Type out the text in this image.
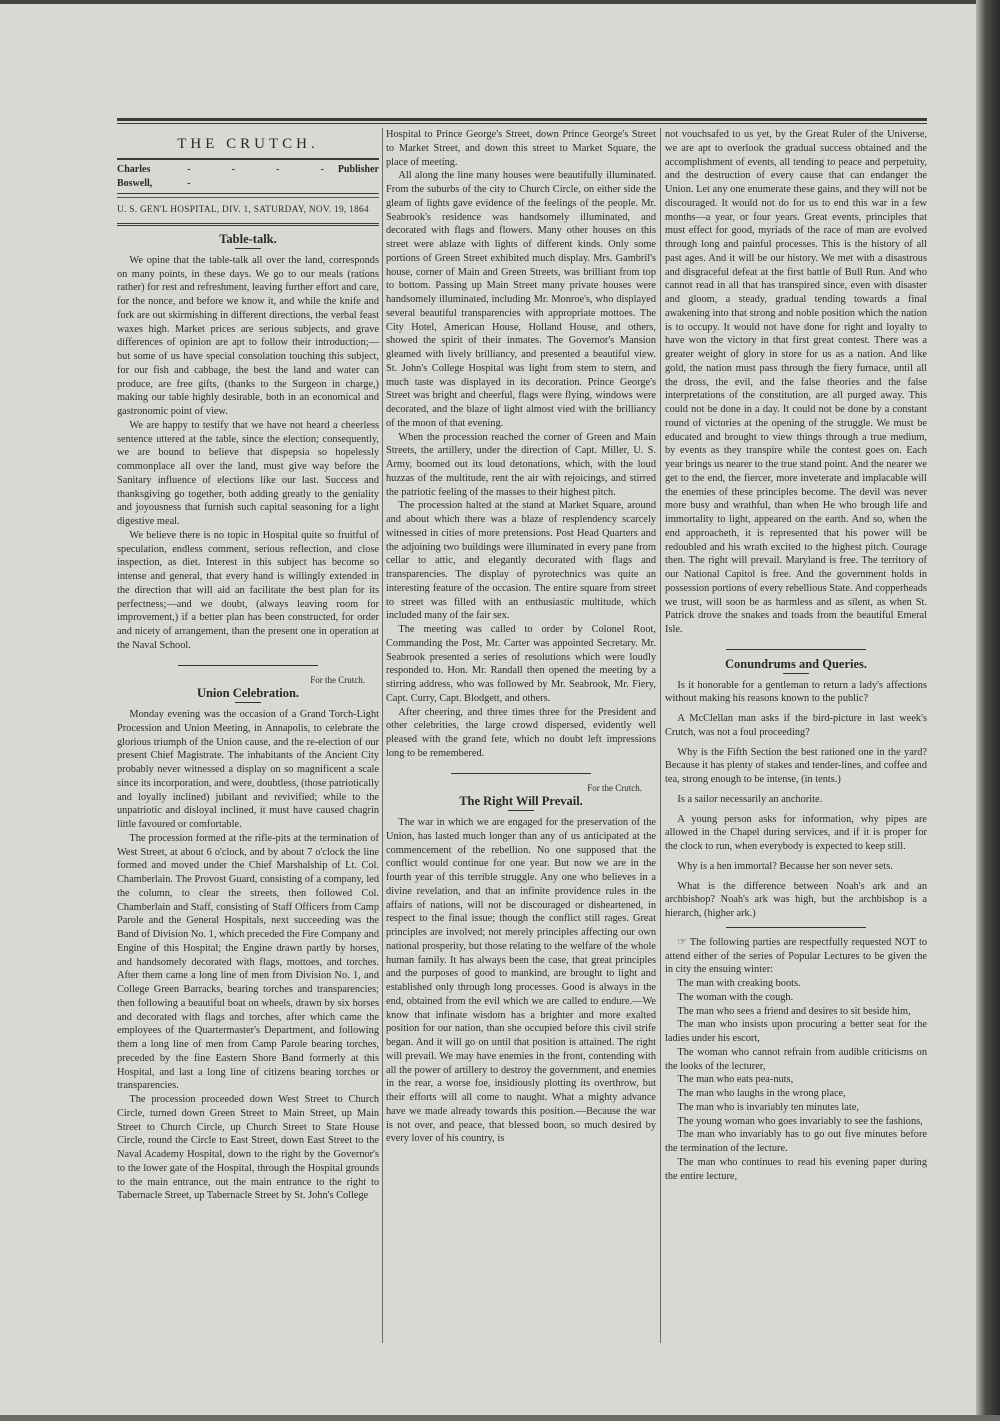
THE CRUTCH.
Charles Boswell,
- - - - -
Publisher
U. S. GEN'L HOSPITAL, DIV. 1, SATURDAY, NOV. 19, 1864
Table-talk.

We opine that the table-talk all over the land, corresponds on many points, in these days. We go to our meals (rations rather) for rest and refreshment, leaving further effort and care, for the nonce, and before we know it, and while the knife and fork are out skirmishing in different directions, the verbal feast waxes high. Market prices are serious subjects, and grave differences of opinion are apt to follow their introduction;—but some of us have special consolation touching this subject, for our fish and cabbage, the best the land and water can produce, are free gifts, (thanks to the Surgeon in charge,) making our table highly desirable, both in an economical and gastronomic point of view.

We are happy to testify that we have not heard a cheerless sentence uttered at the table, since the election; consequently, we are bound to believe that dispepsia so hopelessly commonplace all over the land, must give way before the Sanitary influence of elections like our last. Success and thanksgiving go together, both adding greatly to the geniality and joyousness that furnish such capital seasoning for a light digestive meal.

We believe there is no topic in Hospital quite so fruitful of speculation, endless comment, serious reflection, and close inspection, as diet. Interest in this subject has become so intense and general, that every hand is willingly extended in the direction that will aid an facilitate the best plan for its perfectness;—and we doubt, (always leaving room for improvement,) if a better plan has been constructed, for order and nicety of arrangement, than the present one in operation at the Naval School.

For the Crutch.
Union Celebration.

Monday evening was the occasion of a Grand Torch-Light Procession and Union Meeting, in Annapolis, to celebrate the glorious triumph of the Union cause, and the re-election of our present Chief Magistrate. The inhabitants of the Ancient City probably never witnessed a display on so magnificent a scale since its incorporation, and were, doubtless, (those patriotically and loyally inclined) jubilant and revivified; while to the unpatriotic and disloyal inclined, it must have caused chagrin little favoured or comfortable.

The procession formed at the rifle-pits at the termination of West Street, at about 6 o'clock, and by about 7 o'clock the line formed and moved under the Chief Marshalship of Lt. Col. Chamberlain. The Provost Guard, consisting of a company, led the column, to clear the streets, then followed Col. Chamberlain and Staff, consisting of Staff Officers from Camp Parole and the General Hospitals, next succeeding was the Band of Division No. 1, which preceded the Fire Company and Engine of this Hospital; the Engine drawn partly by horses, and handsomely decorated with flags, mottoes, and torches. After them came a long line of men from Division No. 1, and College Green Barracks, bearing torches and transparencies; then following a beautiful boat on wheels, drawn by six horses and decorated with flags and torches, after which came the employees of the Quartermaster's Department, and following them a long line of men from Camp Parole bearing torches, preceded by the fine Eastern Shore Band formerly at this Hospital, and last a long line of citizens bearing torches or transparencies.

The procession proceeded down West Street to Church Circle, turned down Green Street to Main Street, up Main Street to Church Circle, up Church Street to State House Circle, round the Circle to East Street, down East Street to the Naval Academy Hospital, down to the right by the Governor's to the lower gate of the Hospital, through the Hospital grounds to the main entrance, out the main entrance to the right to Tabernacle Street, up Tabernacle Street by St. John's College

Hospital to Prince George's Street, down Prince George's Street to Market Street, and down this street to Market Square, the place of meeting.

All along the line many houses were beautifully illuminated. From the suburbs of the city to Church Circle, on either side the gleam of lights gave evidence of the feelings of the people. Mr. Seabrook's residence was handsomely illuminated, and decorated with flags and flowers. Many other houses on this street were ablaze with lights of different kinds. Only some portions of Green Street exhibited much display. Mrs. Gambril's house, corner of Main and Green Streets, was brilliant from top to bottom. Passing up Main Street many private houses were handsomely illuminated, including Mr. Monroe's, who displayed several beautiful transparencies with appropriate mottoes. The City Hotel, American House, Holland House, and others, showed the spirit of their inmates. The Governor's Mansion gleamed with lively brilliancy, and presented a beautiful view. St. John's College Hospital was light from stem to stern, and much taste was displayed in its decoration. Prince George's Street was bright and cheerful, flags were flying, windows were decorated, and the blaze of light almost vied with the brilliancy of the moon of that evening.

When the procession reached the corner of Green and Main Streets, the artillery, under the direction of Capt. Miller, U. S. Army, boomed out its loud detonations, which, with the loud huzzas of the multitude, rent the air with rejoicings, and stirred the patriotic feeling of the masses to their highest pitch.

The procession halted at the stand at Market Square, around and about which there was a blaze of resplendency scarcely witnessed in cities of more pretensions. Post Head Quarters and the adjoining two buildings were illuminated in every pane from cellar to attic, and elegantly decorated with flags and transparencies. The display of pyrotechnics was quite an interesting feature of the occasion. The entire square from street to street was filled with an enthusiastic multitude, which included many of the fair sex.

The meeting was called to order by Colonel Root, Commanding the Post, Mr. Carter was appointed Secretary. Mr. Seabrook presented a series of resolutions which were loudly responded to. Hon. Mr. Randall then opened the meeting by a stirring address, who was followed by Mr. Seabrook, Mr. Fiery, Capt. Curry, Capt. Blodgett, and others.

After cheering, and three times three for the President and other celebrities, the large crowd dispersed, evidently well pleased with the grand fete, which no doubt left impressions long to be remembered.

For the Crutch.
The Right Will Prevail.

The war in which we are engaged for the preservation of the Union, has lasted much longer than any of us anticipated at the commencement of the rebellion. No one supposed that the conflict would continue for one year. But now we are in the fourth year of this terrible struggle. Any one who believes in a divine revelation, and that an infinite providence rules in the affairs of nations, will not be discouraged or disheartened, in respect to the final issue; though the conflict still rages. Great principles are involved; not merely principles affecting our own national prosperity, but those relating to the welfare of the whole human family. It has always been the case, that great principles and the purposes of good to mankind, are brought to light and established only through long processes. Good is always in the end, obtained from the evil which we are called to endure.—We know that infinate wisdom has a brighter and more exalted position for our nation, than she occupied before this civil strife began. And it will go on until that position is attained. The right will prevail. We may have enemies in the front, contending with all the power of artillery to destroy the government, and enemies in the rear, a worse foe, insidiously plotting its overthrow, but their efforts will all come to naught. What a mighty advance have we made already towards this position.—Because the war is not over, and peace, that blessed boon, so much desired by every lover of his country, is

not vouchsafed to us yet, by the Great Ruler of the Universe, we are apt to overlook the gradual success obtained and the accomplishment of events, all tending to peace and perpetuity, and the destruction of every cause that can endanger the Union. Let any one enumerate these gains, and they will not be discouraged. It would not do for us to end this war in a few months—a year, or four years. Great events, principles that must effect for good, myriads of the race of man are evolved through long and painful processes. This is the history of all past ages. And it will be our history. We met with a disastrous and disgraceful defeat at the first battle of Bull Run. And who cannot read in all that has transpired since, even with disaster and gloom, a steady, gradual tending towards a final awakening into that strong and noble position which the nation is to occupy. It would not have done for right and loyalty to have won the victory in that first great contest. There was a greater weight of glory in store for us as a nation. And like gold, the nation must pass through the fiery furnace, until all the dross, the evil, and the false theories and the false interpretations of the constitution, are all purged away. This could not be done in a day. It could not be done by a constant round of victories at the opening of the struggle. We must be educated and brought to view things through a true medium, by events as they transpire while the contest goes on. Each year brings us nearer to the true stand point. And the nearer we get to the end, the fiercer, more inveterate and implacable will the enemies of these principles become. The devil was never more busy and wrathful, than when He who brough life and immortality to light, appeared on the earth. And so, when the end approacheth, it is represented that his power will be redoubled and his wrath excited to the highest pitch. Courage then. The right will prevail. Maryland is free. The territory of our National Capitol is free. And the government holds in possession portions of every rebellious State. And copperheads we trust, will soon be as harmless and as silent, as when St. Patrick drove the snakes and toads from the beautiful Emeral Isle.

Conundrums and Queries.

Is it honorable for a gentleman to return a lady's affections without making his reasons known to the public?

A McClellan man asks if the bird-picture in last week's Crutch, was not a foul proceeding?

Why is the Fifth Section the best rationed one in the yard? Because it has plenty of stakes and tender-lines, and coffee and tea, strong enough to be intense, (in tents.)

Is a sailor necessarily an anchorite.

A young person asks for information, why pipes are allowed in the Chapel during services, and if it is proper for the clock to run, when everybody is expected to keep still.

Why is a hen immortal? Because her son never sets.

What is the difference between Noah's ark and an archbishop? Noah's ark was high, but the archbishop is a hierarch, (higher ark.)

☞ The following parties are respectfully requested NOT to attend either of the series of Popular Lectures to be given the in city the ensuing winter:

The man with creaking boots.

The woman with the cough.

The man who sees a friend and desires to sit beside him,

The man who insists upon procuring a better seat for the ladies under his escort,

The woman who cannot refrain from audible criticisms on the looks of the lecturer,

The man who eats pea-nuts,

The man who laughs in the wrong place,

The man who is invariably ten minutes late,

The young woman who goes invariably to see the fashions,

The man who invariably has to go out five minutes before the termination of the lecture.

The man who continues to read his evening paper during the entire lecture,
